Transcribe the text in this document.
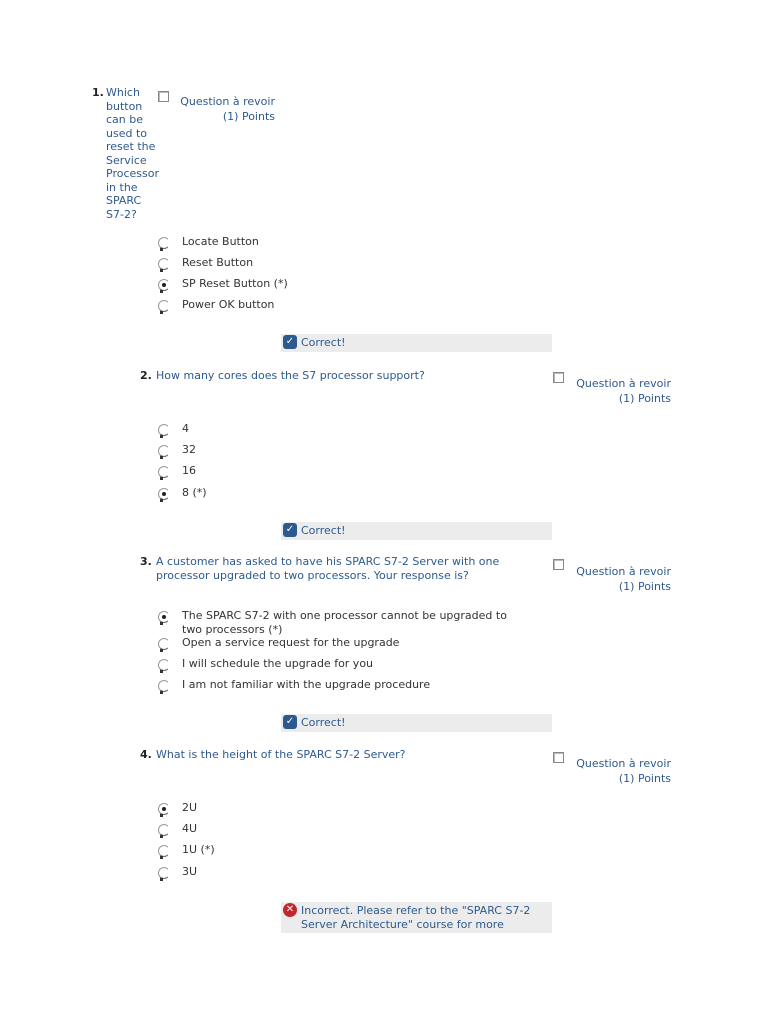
1. Which button can be used to reset the Service Processor in the SPARC S7-2?
Question à revoir
(1) Points
Locate Button
Reset Button
SP Reset Button (*)
Power OK button
✓ Correct!
2. How many cores does the S7 processor support?
Question à revoir
(1) Points
4
32
16
8 (*)
✓ Correct!
3. A customer has asked to have his SPARC S7-2 Server with one processor upgraded to two processors. Your response is?	Question à revoir
(1) Points
The SPARC S7-2 with one processor cannot be upgraded to two processors (*)
Open a service request for the upgrade
I will schedule the upgrade for you
I am not familiar with the upgrade procedure
✓ Correct!
4. What is the height of the SPARC S7-2 Server?
Question à revoir
(1) Points
2U
4U
1U (*)
3U
✕ Incorrect. Please refer to the "SPARC S7-2 Server Architecture" course for more
